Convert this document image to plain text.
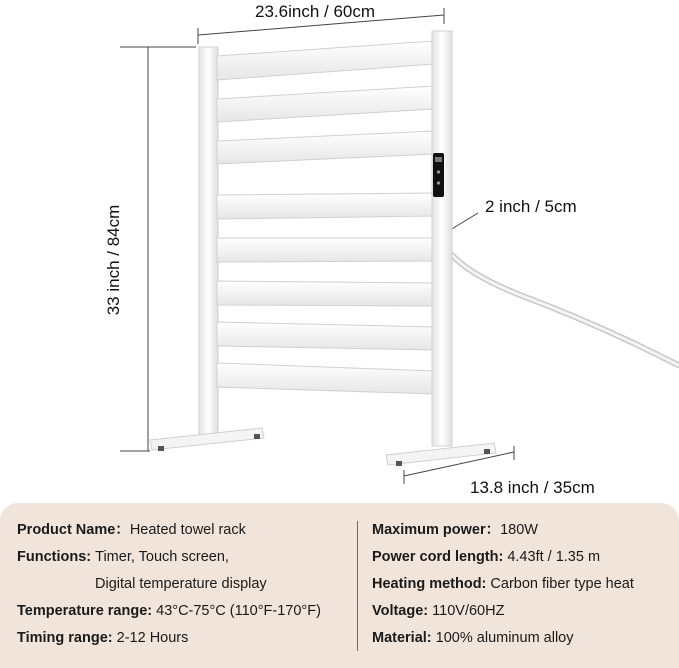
23.6inch / 60cm
33 inch / 84cm	2 inch / 5cm
13.8 inch / 35cm
Product Name：Heated towel rack
Functions: Timer, Touch screen,
Digital temperature display
Temperature range: 43°C-75°C (110°F-170°F)
Timing range: 2-12 Hours
Maximum power：180W
Power cord length: 4.43ft / 1.35 m
Heating method: Carbon fiber type heat
Voltage: 110V/60HZ
Material: 100% aluminum alloy
